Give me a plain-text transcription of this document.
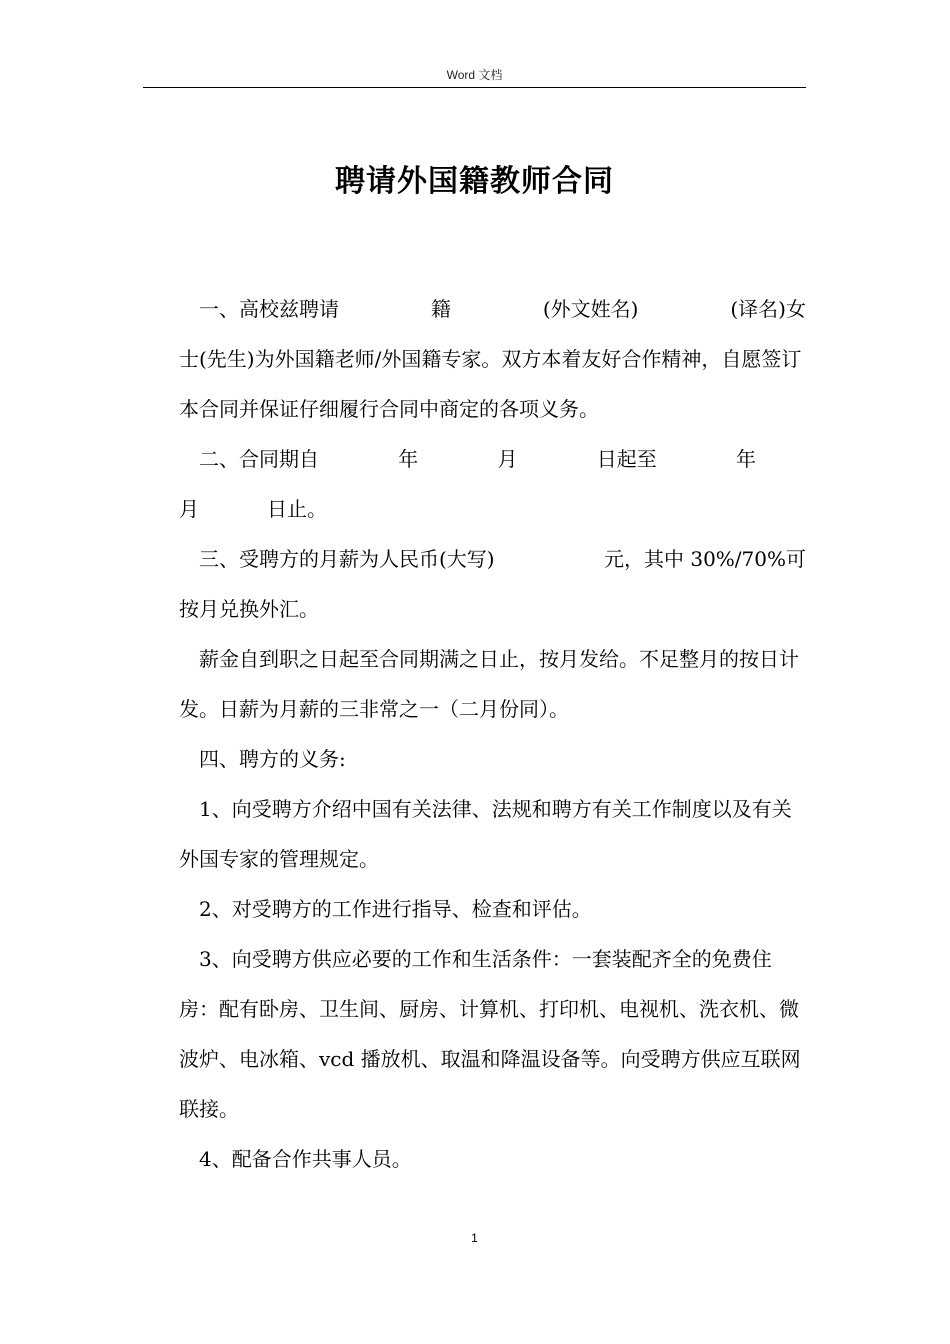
Word 文档
聘请外国籍教师合同
一、高校兹聘请	籍	(外文姓名)	(译名)女

士(先生)为外国籍老师/外国籍专家。双方本着友好合作精神，自愿签订本合同并保证仔细履行合同中商定的各项义务。

二、合同期自	年	月	日起至	年
月	日止。
三、受聘方的月薪为人民币(大写)	元，其中 30%/70%可

按月兑换外汇。

薪金自到职之日起至合同期满之日止，按月发给。不足整月的按日计发。日薪为月薪的三非常之一（二月份同）。

四、聘方的义务:

1、向受聘方介绍中国有关法律、法规和聘方有关工作制度以及有关外国专家的管理规定。

2、对受聘方的工作进行指导、检查和评估。

3、向受聘方供应必要的工作和生活条件：一套装配齐全的免费住房：配有卧房、卫生间、厨房、计算机、打印机、电视机、洗衣机、微波炉、电冰箱、vcd 播放机、取温和降温设备等。向受聘方供应互联网联接。

4、配备合作共事人员。

1
